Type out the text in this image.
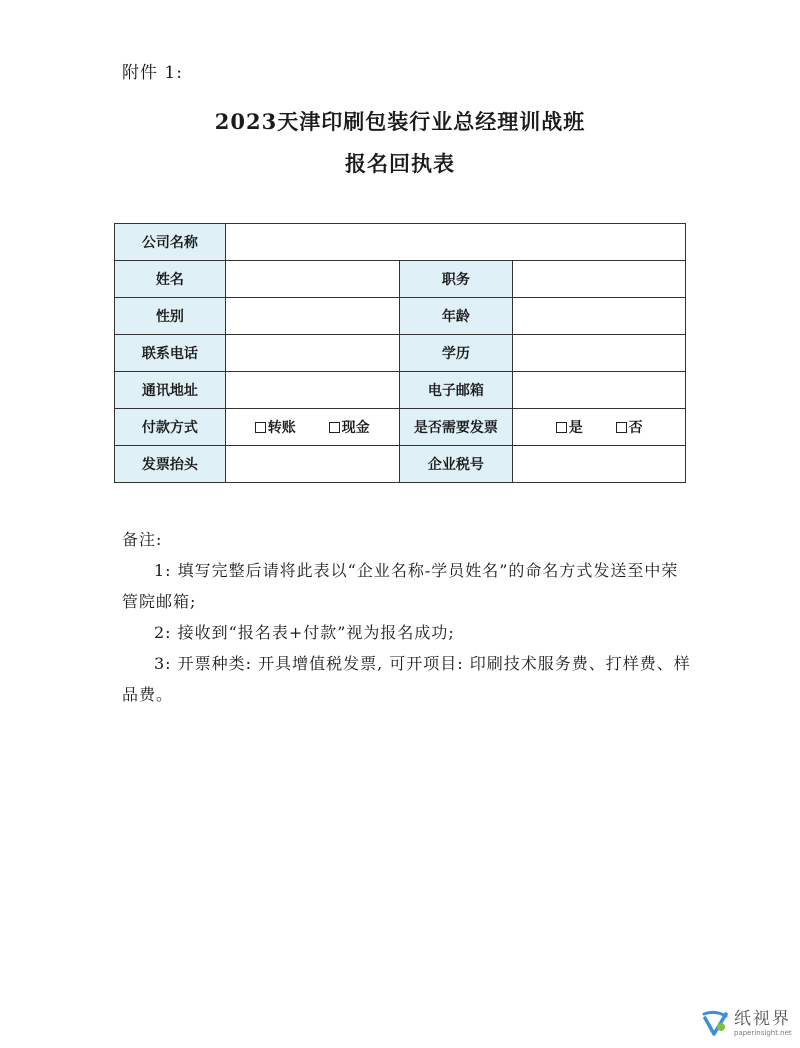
附件 1:
2023天津印刷包装行业总经理训战班
报名回执表
公司名称			
姓名		职务	
性别		年龄	
联系电话		学历	
通讯地址		电子邮箱	
付款方式	转账 现金	是否需要发票	是 否
发票抬头		企业税号	

备注:

1: 填写完整后请将此表以“企业名称-学员姓名”的命名方式发送至中荣管院邮箱;

2: 接收到“报名表+付款”视为报名成功;

3: 开票种类: 开具增值税发票, 可开项目: 印刷技术服务费、打样费、样品费。

纸视界
paperinsight.net
